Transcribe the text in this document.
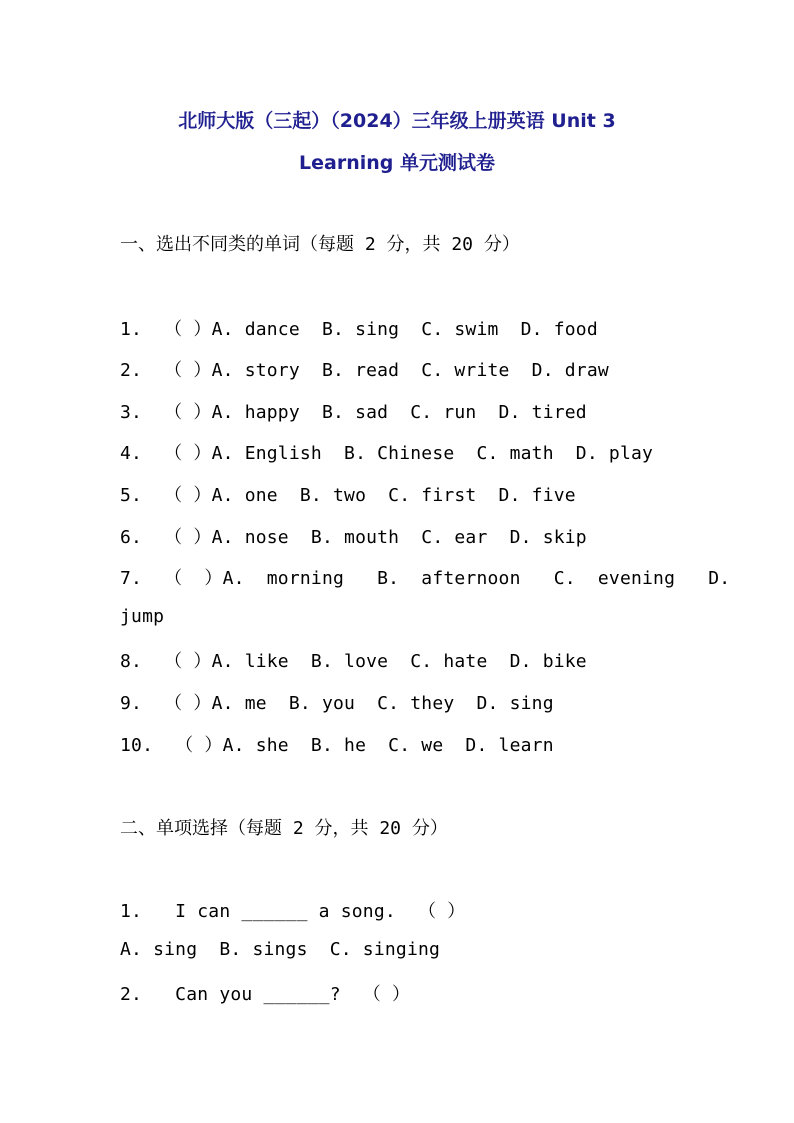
北师大版（三起）（2024）三年级上册英语 Unit 3
Learning 单元测试卷
一、选出不同类的单词（每题 2 分，共 20 分）
1.  （ ）A. dance  B. sing  C. swim  D. food
2.  （ ）A. story  B. read  C. write  D. draw
3.  （ ）A. happy  B. sad  C. run  D. tired
4.  （ ）A. English  B. Chinese  C. math  D. play
5.  （ ）A. one  B. two  C. first  D. five
6.  （ ）A. nose  B. mouth  C. ear  D. skip
7.  （  ）A.  morning   B.  afternoon   C.  evening   D.
jump
8.  （ ）A. like  B. love  C. hate  D. bike
9.  （ ）A. me  B. you  C. they  D. sing
10.  （ ）A. she  B. he  C. we  D. learn
二、单项选择（每题 2 分，共 20 分）
1.   I can ______ a song.  （ ）
A. sing  B. sings  C. singing
2.   Can you ______?  （ ）
